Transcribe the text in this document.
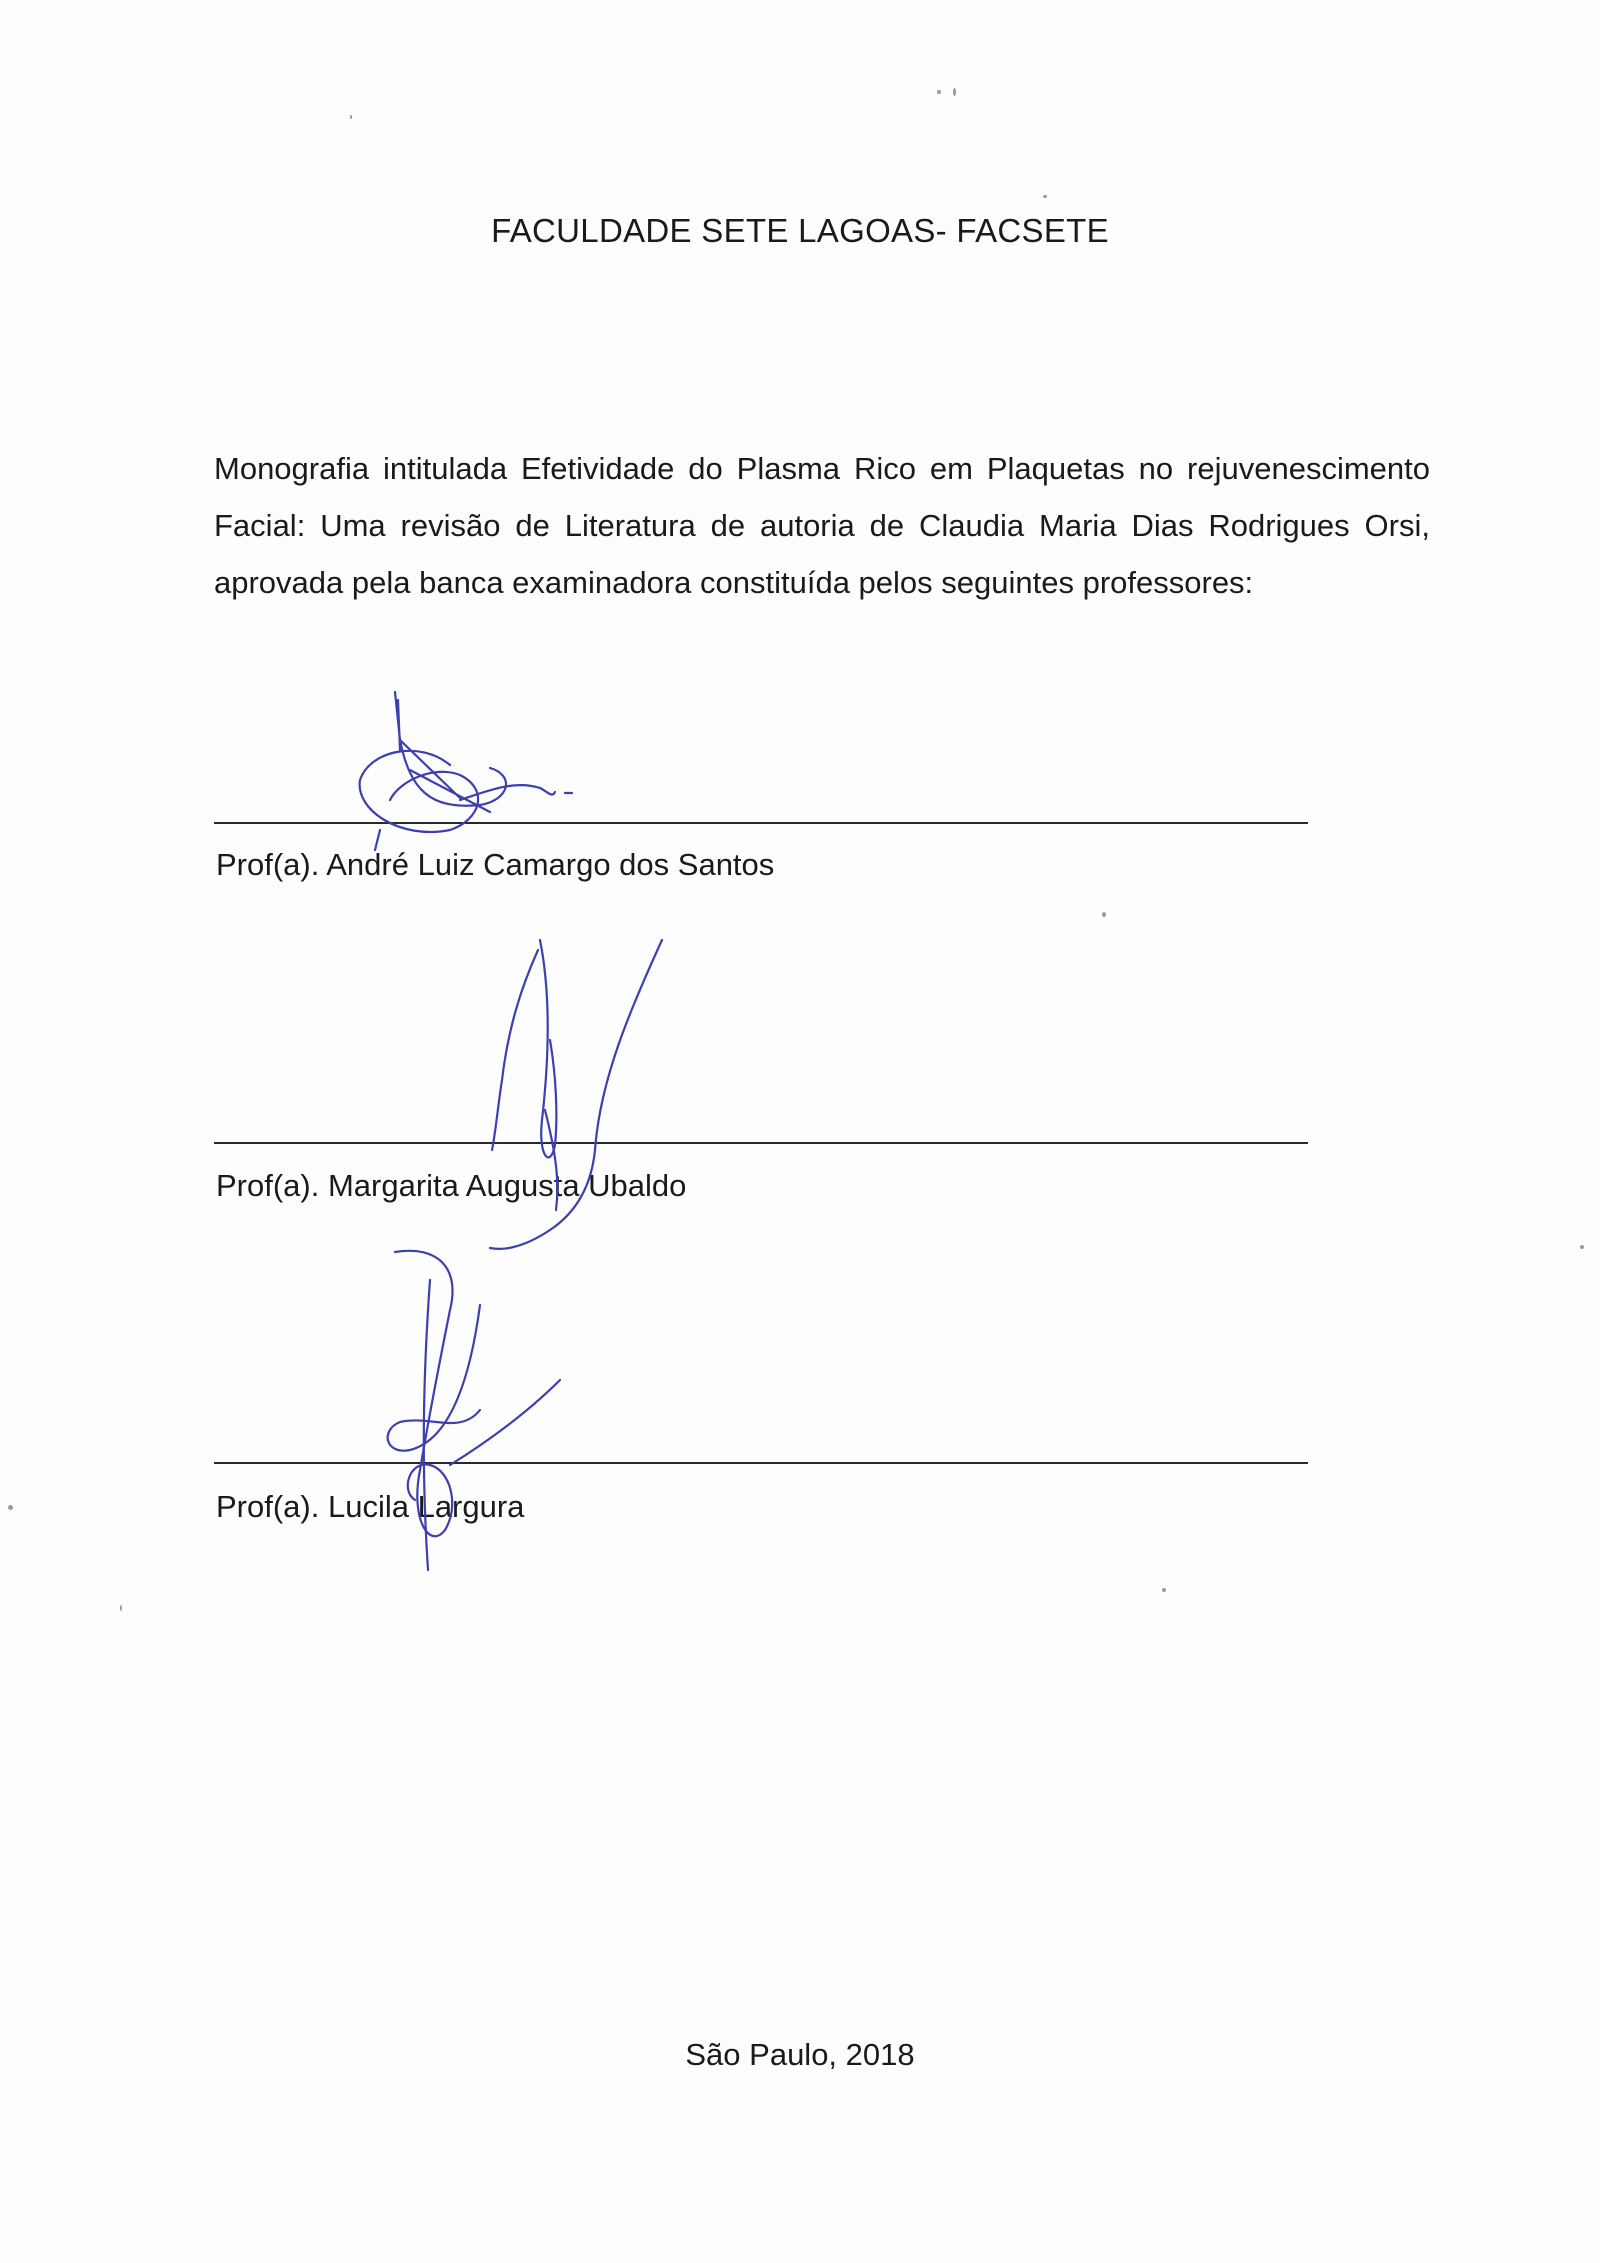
FACULDADE SETE LAGOAS- FACSETE
Monografia intitulada Efetividade do Plasma Rico em Plaquetas no rejuvenescimento Facial: Uma revisão de Literatura de autoria de Claudia Maria Dias Rodrigues Orsi, aprovada pela banca examinadora constituída pelos seguintes professores:
Prof(a). André Luiz Camargo dos Santos
Prof(a). Margarita Augusta Ubaldo
Prof(a). Lucila Largura
São Paulo, 2018
